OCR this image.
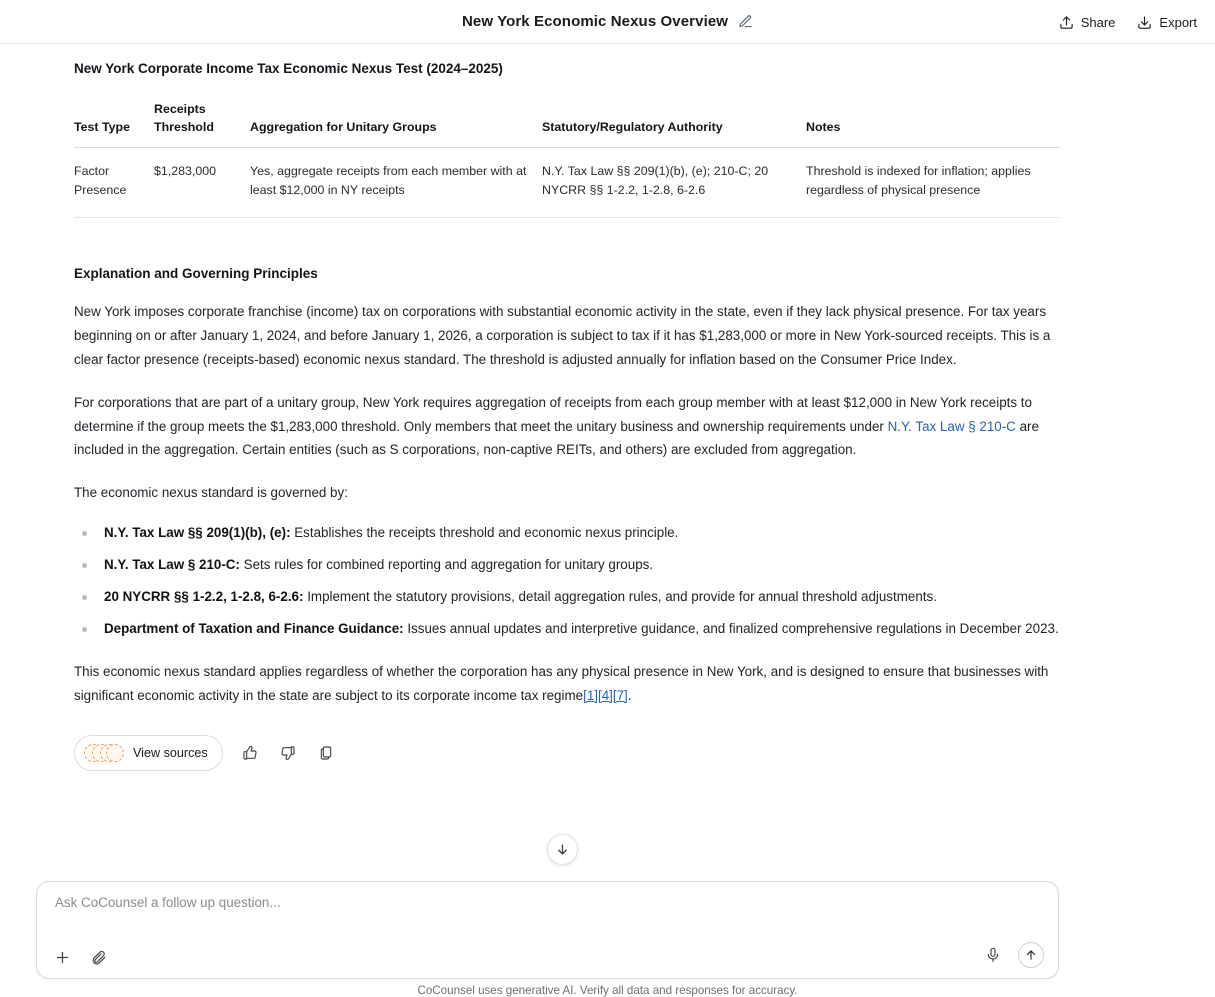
New York Economic Nexus Overview	Share	Export
New York Corporate Income Tax Economic Nexus Test (2024–2025)
Test Type	Receipts Threshold	Aggregation for Unitary Groups	Statutory/Regulatory Authority	Notes
Factor Presence	$1,283,000	Yes, aggregate receipts from each member with at least $12,000 in NY receipts	N.Y. Tax Law §§ 209(1)(b), (e); 210-C; 20 NYCRR §§ 1-2.2, 1-2.8, 6-2.6	Threshold is indexed for inflation; applies regardless of physical presence
Explanation and Governing Principles

New York imposes corporate franchise (income) tax on corporations with substantial economic activity in the state, even if they lack physical presence. For tax years beginning on or after January 1, 2024, and before January 1, 2026, a corporation is subject to tax if it has $1,283,000 or more in New York-sourced receipts. This is a clear factor presence (receipts-based) economic nexus standard. The threshold is adjusted annually for inflation based on the Consumer Price Index.

For corporations that are part of a unitary group, New York requires aggregation of receipts from each group member with at least $12,000 in New York receipts to determine if the group meets the $1,283,000 threshold. Only members that meet the unitary business and ownership requirements under N.Y. Tax Law § 210-C are included in the aggregation. Certain entities (such as S corporations, non-captive REITs, and others) are excluded from aggregation.

The economic nexus standard is governed by:

N.Y. Tax Law §§ 209(1)(b), (e): Establishes the receipts threshold and economic nexus principle.
N.Y. Tax Law § 210-C: Sets rules for combined reporting and aggregation for unitary groups.
20 NYCRR §§ 1-2.2, 1-2.8, 6-2.6: Implement the statutory provisions, detail aggregation rules, and provide for annual threshold adjustments.
Department of Taxation and Finance Guidance: Issues annual updates and interpretive guidance, and finalized comprehensive regulations in December 2023.

This economic nexus standard applies regardless of whether the corporation has any physical presence in New York, and is designed to ensure that businesses with significant economic activity in the state are subject to its corporate income tax regime[1][4][7].

View sources
Ask CoCounsel a follow up question...
CoCounsel uses generative AI. Verify all data and responses for accuracy.
